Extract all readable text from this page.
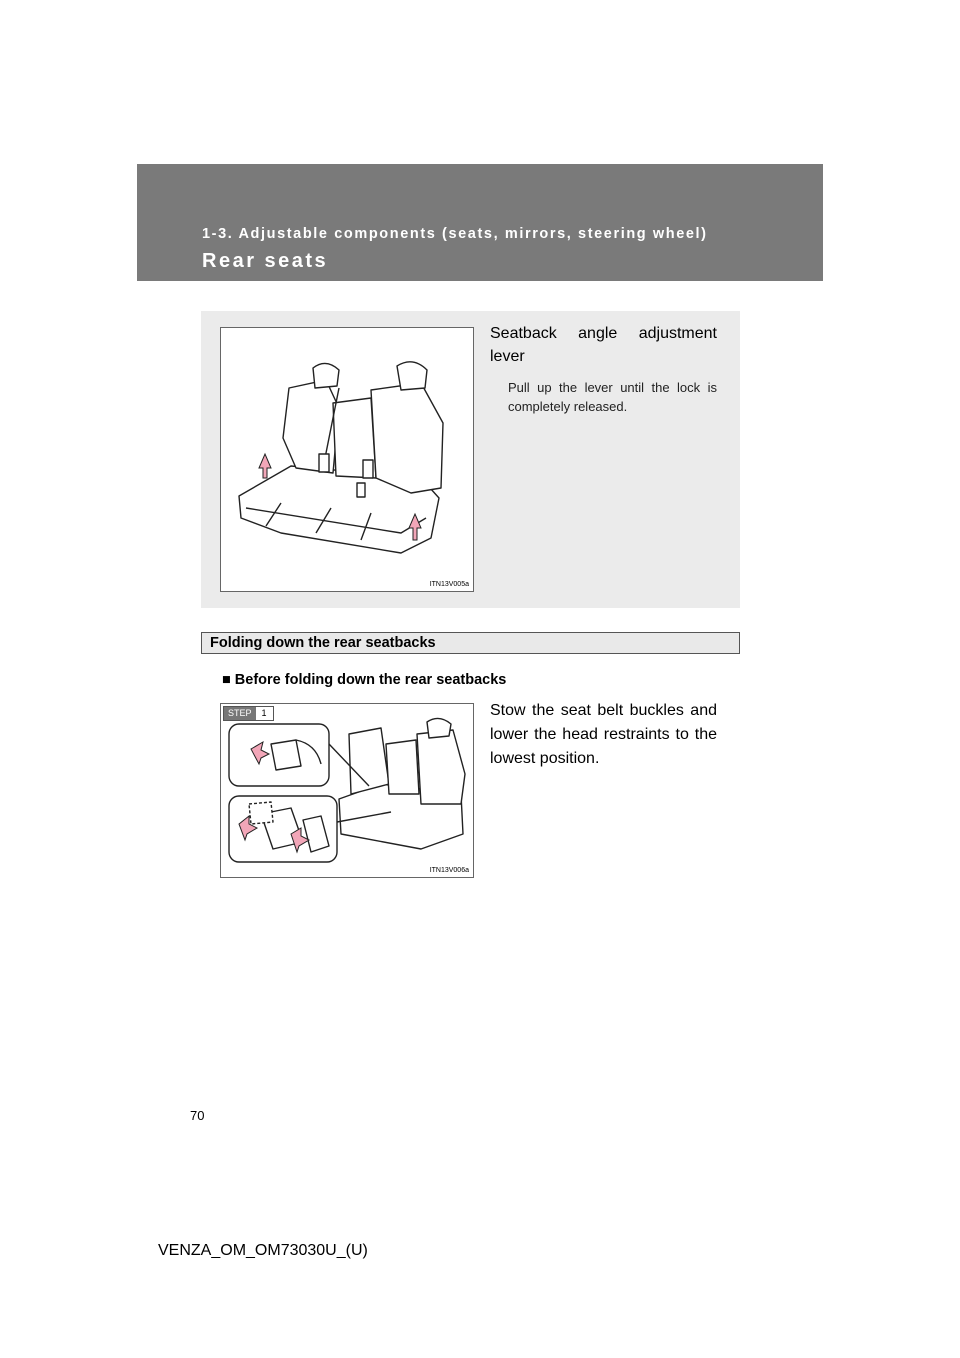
1-3. Adjustable components (seats, mirrors, steering wheel)
Rear seats
ITN13V005a
Seatback angle adjustment lever
Pull up the lever until the lock is completely released.
Folding down the rear seatbacks
■ Before folding down the rear seatbacks
STEP	1
ITN13V006a
Stow the seat belt buckles and lower the head restraints to the lowest position.
70
VENZA_OM_OM73030U_(U)
